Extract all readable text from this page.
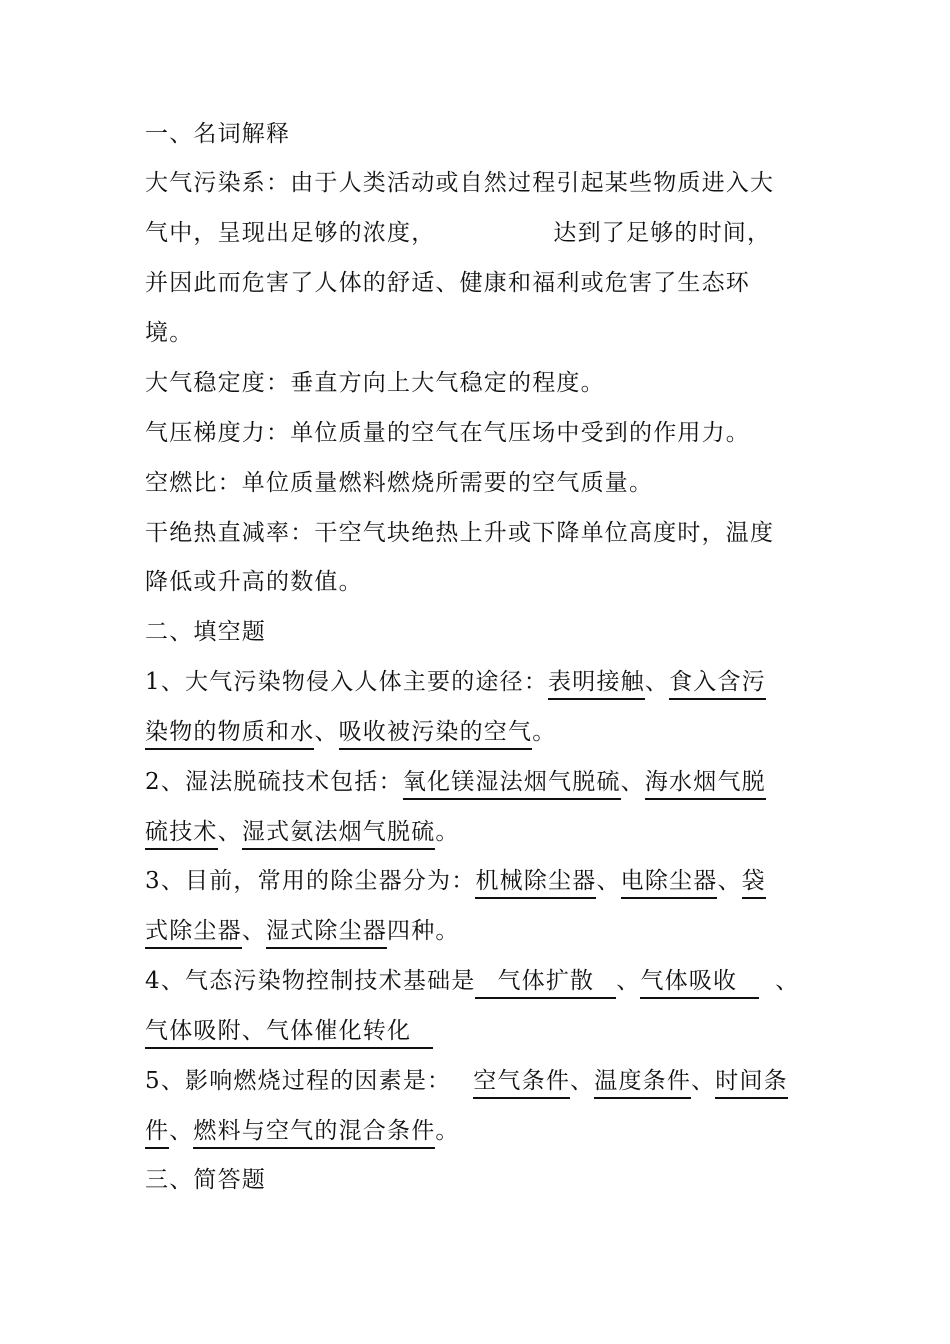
一、名词解释
大气污染系：由于人类活动或自然过程引起某些物质进入大
气中，呈现出足够的浓度，	达到了足够的时间，
并因此而危害了人体的舒适、健康和福利或危害了生态环
境。
大气稳定度：垂直方向上大气稳定的程度。
气压梯度力：单位质量的空气在气压场中受到的作用力。
空燃比：单位质量燃料燃烧所需要的空气质量。
干绝热直减率：干空气块绝热上升或下降单位高度时，温度
降低或升高的数值。
二、填空题
1、大气污染物侵入人体主要的途径：表明接触、食入含污
染物的物质和水、吸收被污染的空气。
2、湿法脱硫技术包括：氧化镁湿法烟气脱硫、海水烟气脱
硫技术、湿式氨法烟气脱硫。
3、目前，常用的除尘器分为：机械除尘器、电除尘器、袋
式除尘器、湿式除尘器四种。
4、气态污染物控制技术基础是 气体扩散 、气体吸收 、
气体吸附、气体催化转化
5、影响燃烧过程的因素是： 空气条件、温度条件、时间条
件、燃料与空气的混合条件。
三、简答题
